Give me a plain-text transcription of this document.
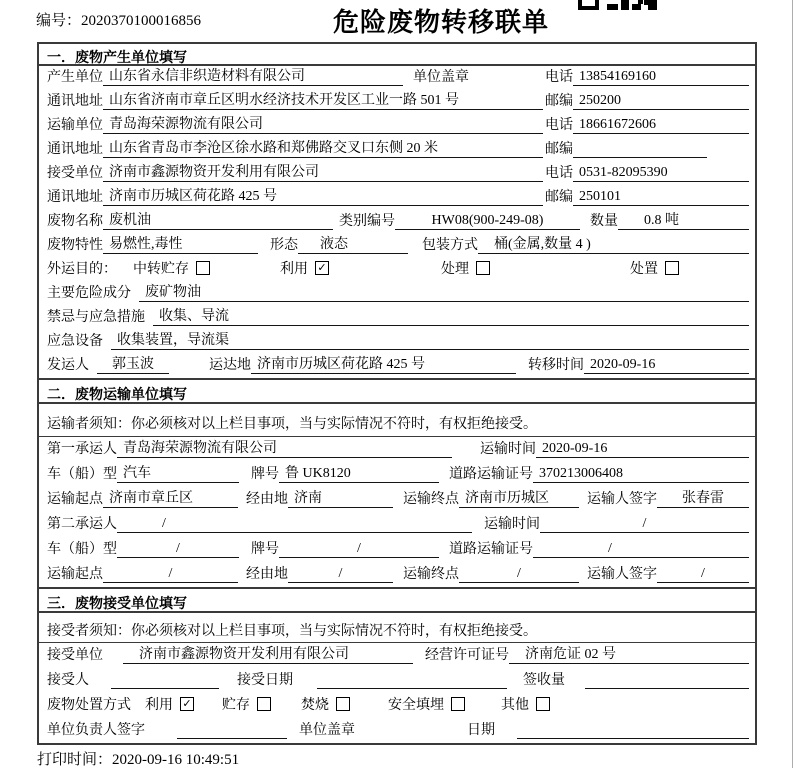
编号：2020370100016856	危险废物转移联单
一．废物产生单位填写
产生单位 山东省永信非织造材料有限公司	单位盖章	电话 13854169160
通讯地址 山东省济南市章丘区明水经济技术开发区工业一路 501 号	邮编 250200
运输单位 青岛海荣源物流有限公司	电话 18661672606
通讯地址 山东省青岛市李沧区徐水路和郑佛路交叉口东侧 20 米	邮编
接受单位 济南市鑫源物资开发利用有限公司	电话 0531-82095390
通讯地址 济南市历城区荷花路 425 号	邮编 250101
废物名称 废机油	类别编号	HW08(900-249-08)	数量	0.8 吨
废物特性 易燃性,毒性	形态	液态	包装方式	桶(金属,数量 4 )
外运目的： 中转贮存	利用 ✓	处理	处置
主要危险成分	废矿物油
禁忌与应急措施	收集、导流
应急设备	收集装置，导流渠
发运人	郭玉波	运达地 济南市历城区荷花路 425 号	转移时间 2020-09-16
二．废物运输单位填写
运输者须知：你必须核对以上栏目事项，当与实际情况不符时，有权拒绝接受。
第一承运人 青岛海荣源物流有限公司	运输时间 2020-09-16
车（船）型 汽车	牌号 鲁 UK8120	道路运输证号 370213006408
运输起点 济南市章丘区	经由地 济南	运输终点 济南市历城区	运输人签字	张春雷
第二承运人	/	运输时间	/
车（船）型	/	牌号	/	道路运输证号	/
运输起点	/	经由地	/	运输终点	/	运输人签字	/
三．废物接受单位填写
接受者须知：你必须核对以上栏目事项，当与实际情况不符时，有权拒绝接受。
接受单位	济南市鑫源物资开发利用有限公司	经营许可证号	济南危证 02 号
接受人	接受日期	签收量
废物处置方式 利用 ✓ 贮存	焚烧	安全填埋	其他
单位负责人签字	单位盖章	日期
打印时间：2020-09-16 10:49:51
